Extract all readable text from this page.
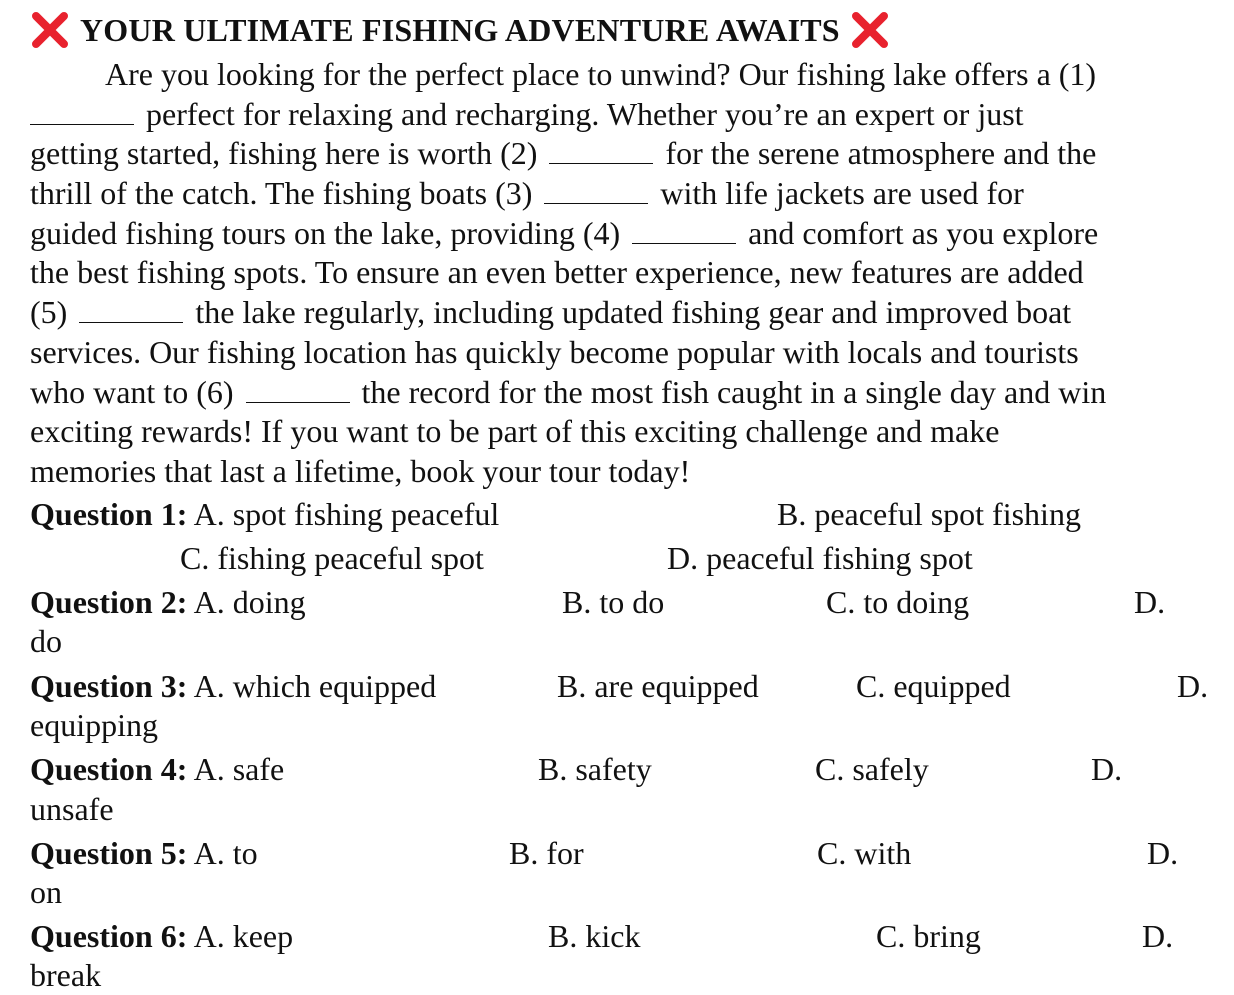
YOUR ULTIMATE FISHING ADVENTURE AWAITS
Are you looking for the perfect place to unwind? Our fishing lake offers a (1)
perfect for relaxing and recharging. Whether you’re an expert or just
getting started, fishing here is worth (2)	for the serene atmosphere and the
thrill of the catch. The fishing boats (3)	with life jackets are used for
guided fishing tours on the lake, providing (4)	and comfort as you explore
the best fishing spots. To ensure an even better experience, new features are added
(5)	the lake regularly, including updated fishing gear and improved boat
services. Our fishing location has quickly become popular with locals and tourists
who want to (6)	the record for the most fish caught in a single day and win
exciting rewards! If you want to be part of this exciting challenge and make
memories that last a lifetime, book your tour today!
Question 1: A. spot fishing peaceful	B. peaceful spot fishing
C. fishing peaceful spot	D. peaceful fishing spot
Question 2: A. doing	B. to do	C. to doing	D.
do
Question 3: A. which equipped	B. are equipped	C. equipped	D.
equipping
Question 4: A. safe	B. safety	C. safely	D.
unsafe
Question 5: A. to	B. for	C. with	D.
on
Question 6: A. keep	B. kick	C. bring	D.
break
